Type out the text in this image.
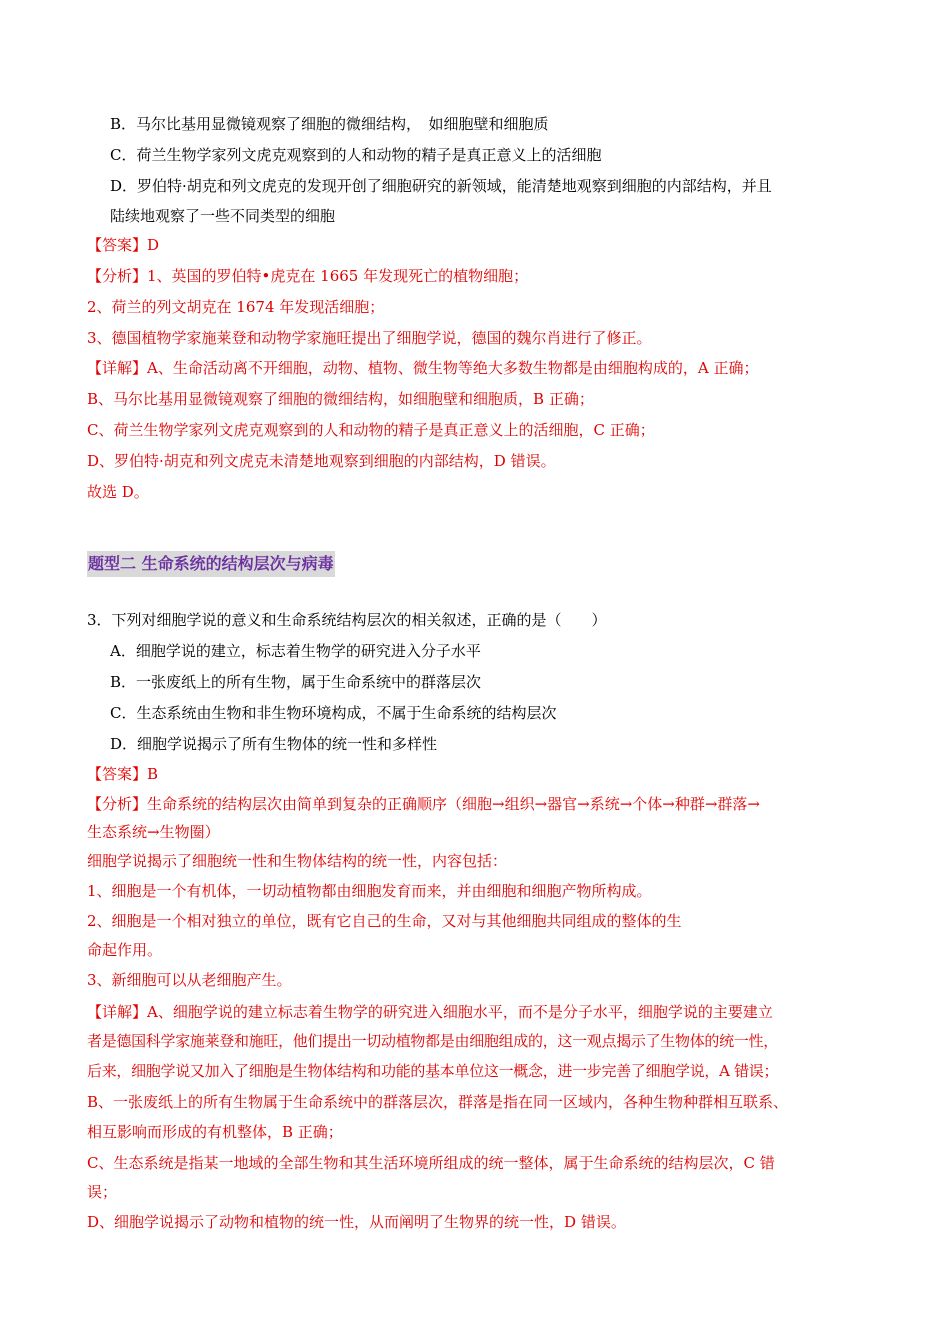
B．马尔比基用显微镜观察了细胞的微细结构，　如细胞壁和细胞质
C．荷兰生物学家列文虎克观察到的人和动物的精子是真正意义上的活细胞
D．罗伯特·胡克和列文虎克的发现开创了细胞研究的新领域，能清楚地观察到细胞的内部结构，并且
陆续地观察了一些不同类型的细胞
【答案】D
【分析】1、英国的罗伯特•虎克在 1665 年发现死亡的植物细胞；
2、荷兰的列文胡克在 1674 年发现活细胞；
3、德国植物学家施莱登和动物学家施旺提出了细胞学说，德国的魏尔肖进行了修正。
【详解】A、生命活动离不开细胞，动物、植物、微生物等绝大多数生物都是由细胞构成的，A 正确；
B、马尔比基用显微镜观察了细胞的微细结构，如细胞壁和细胞质，B 正确；
C、荷兰生物学家列文虎克观察到的人和动物的精子是真正意义上的活细胞，C 正确；
D、罗伯特·胡克和列文虎克未清楚地观察到细胞的内部结构，D 错误。
故选 D。
题型二 生命系统的结构层次与病毒
3．下列对细胞学说的意义和生命系统结构层次的相关叙述，正确的是（　　）
A．细胞学说的建立，标志着生物学的研究进入分子水平
B．一张废纸上的所有生物，属于生命系统中的群落层次
C．生态系统由生物和非生物环境构成，不属于生命系统的结构层次
D．细胞学说揭示了所有生物体的统一性和多样性
【答案】B
【分析】生命系统的结构层次由简单到复杂的正确顺序（细胞→组织→器官→系统→个体→种群→群落→
生态系统→生物圈）
细胞学说揭示了细胞统一性和生物体结构的统一性，内容包括：
1、细胞是一个有机体，一切动植物都由细胞发育而来，并由细胞和细胞产物所构成。
2、细胞是一个相对独立的单位，既有它自己的生命，又对与其他细胞共同组成的整体的生
命起作用。
3、新细胞可以从老细胞产生。
【详解】A、细胞学说的建立标志着生物学的研究进入细胞水平，而不是分子水平，细胞学说的主要建立
者是德国科学家施莱登和施旺，他们提出一切动植物都是由细胞组成的，这一观点揭示了生物体的统一性，
后来，细胞学说又加入了细胞是生物体结构和功能的基本单位这一概念，进一步完善了细胞学说，A 错误；
B、一张废纸上的所有生物属于生命系统中的群落层次，群落是指在同一区域内，各种生物种群相互联系、
相互影响而形成的有机整体，B 正确；
C、生态系统是指某一地域的全部生物和其生活环境所组成的统一整体，属于生命系统的结构层次，C 错
误；
D、细胞学说揭示了动物和植物的统一性，从而阐明了生物界的统一性，D 错误。
